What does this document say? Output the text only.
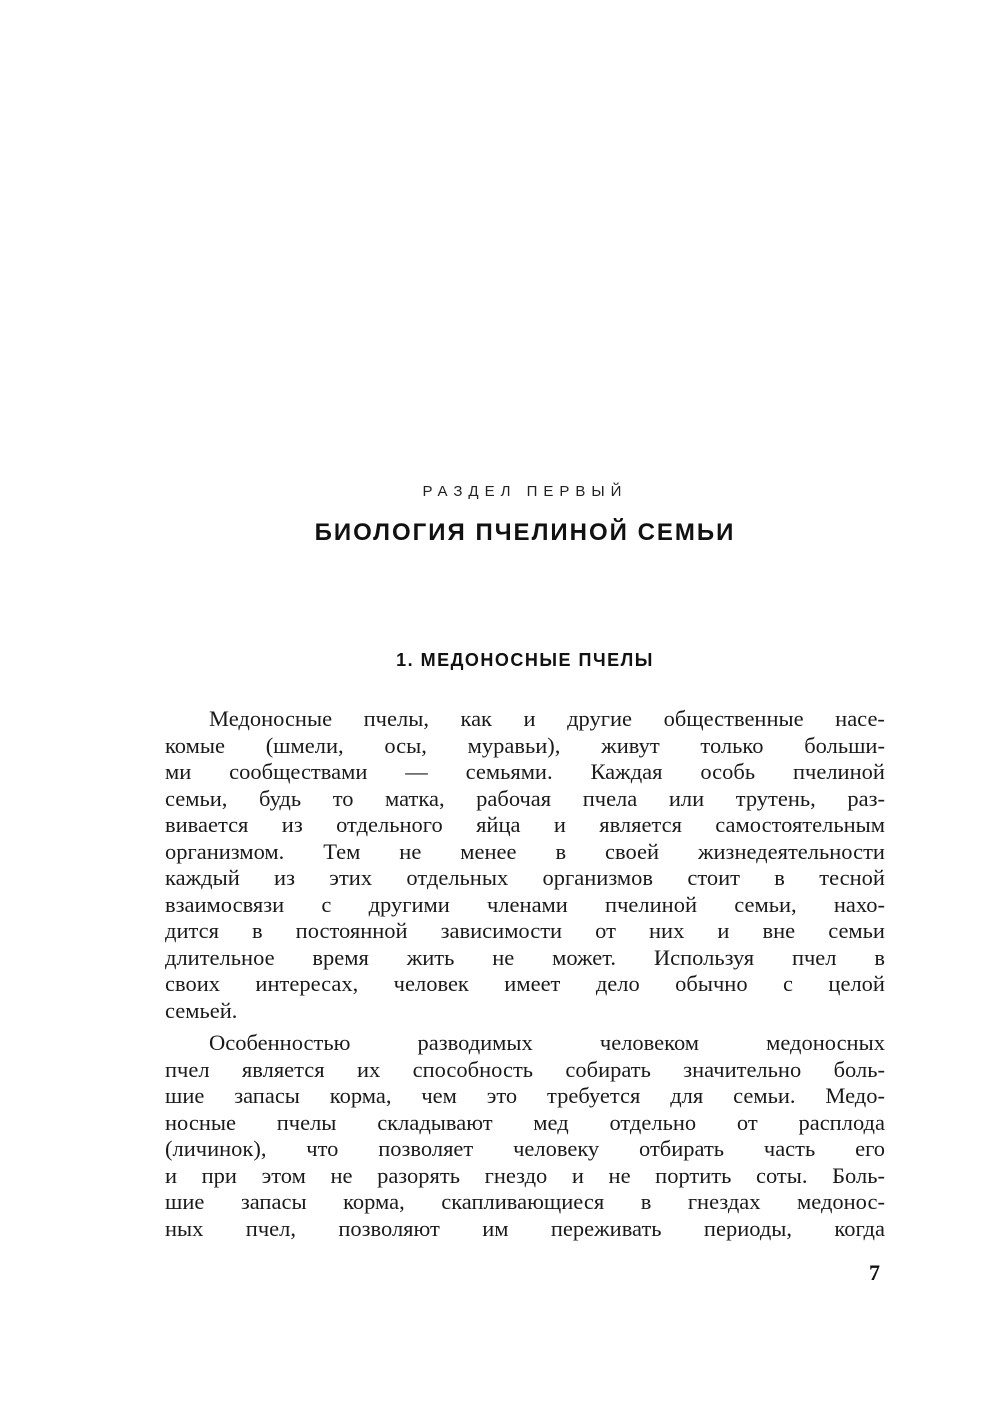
РАЗДЕЛ ПЕРВЫЙ
БИОЛОГИЯ ПЧЕЛИНОЙ СЕМЬИ
1. МЕДОНОСНЫЕ ПЧЕЛЫ
Медоносные пчелы, как и другие общественные насе-
комые (шмели, осы, муравьи), живут только больши-
ми сообществами — семьями. Каждая особь пчелиной
семьи, будь то матка, рабочая пчела или трутень, раз-
вивается из отдельного яйца и является самостоятельным
организмом. Тем не менее в своей жизнедеятельности
каждый из этих отдельных организмов стоит в тесной
взаимосвязи с другими членами пчелиной семьи, нахо-
дится в постоянной зависимости от них и вне семьи
длительное время жить не может. Используя пчел в
своих интересах, человек имеет дело обычно с целой
семьей.
Особенностью	разводимых	человеком	медоносных
пчел является их способность собирать значительно боль-
шие запасы корма, чем это требуется для семьи. Медо-
носные пчелы складывают мед отдельно от расплода
(личинок), что позволяет человеку отбирать часть его
и при этом не разорять гнездо и не портить соты. Боль-
шие запасы корма, скапливающиеся в гнездах медонос-
ных пчел, позволяют им переживать периоды, когда
7
